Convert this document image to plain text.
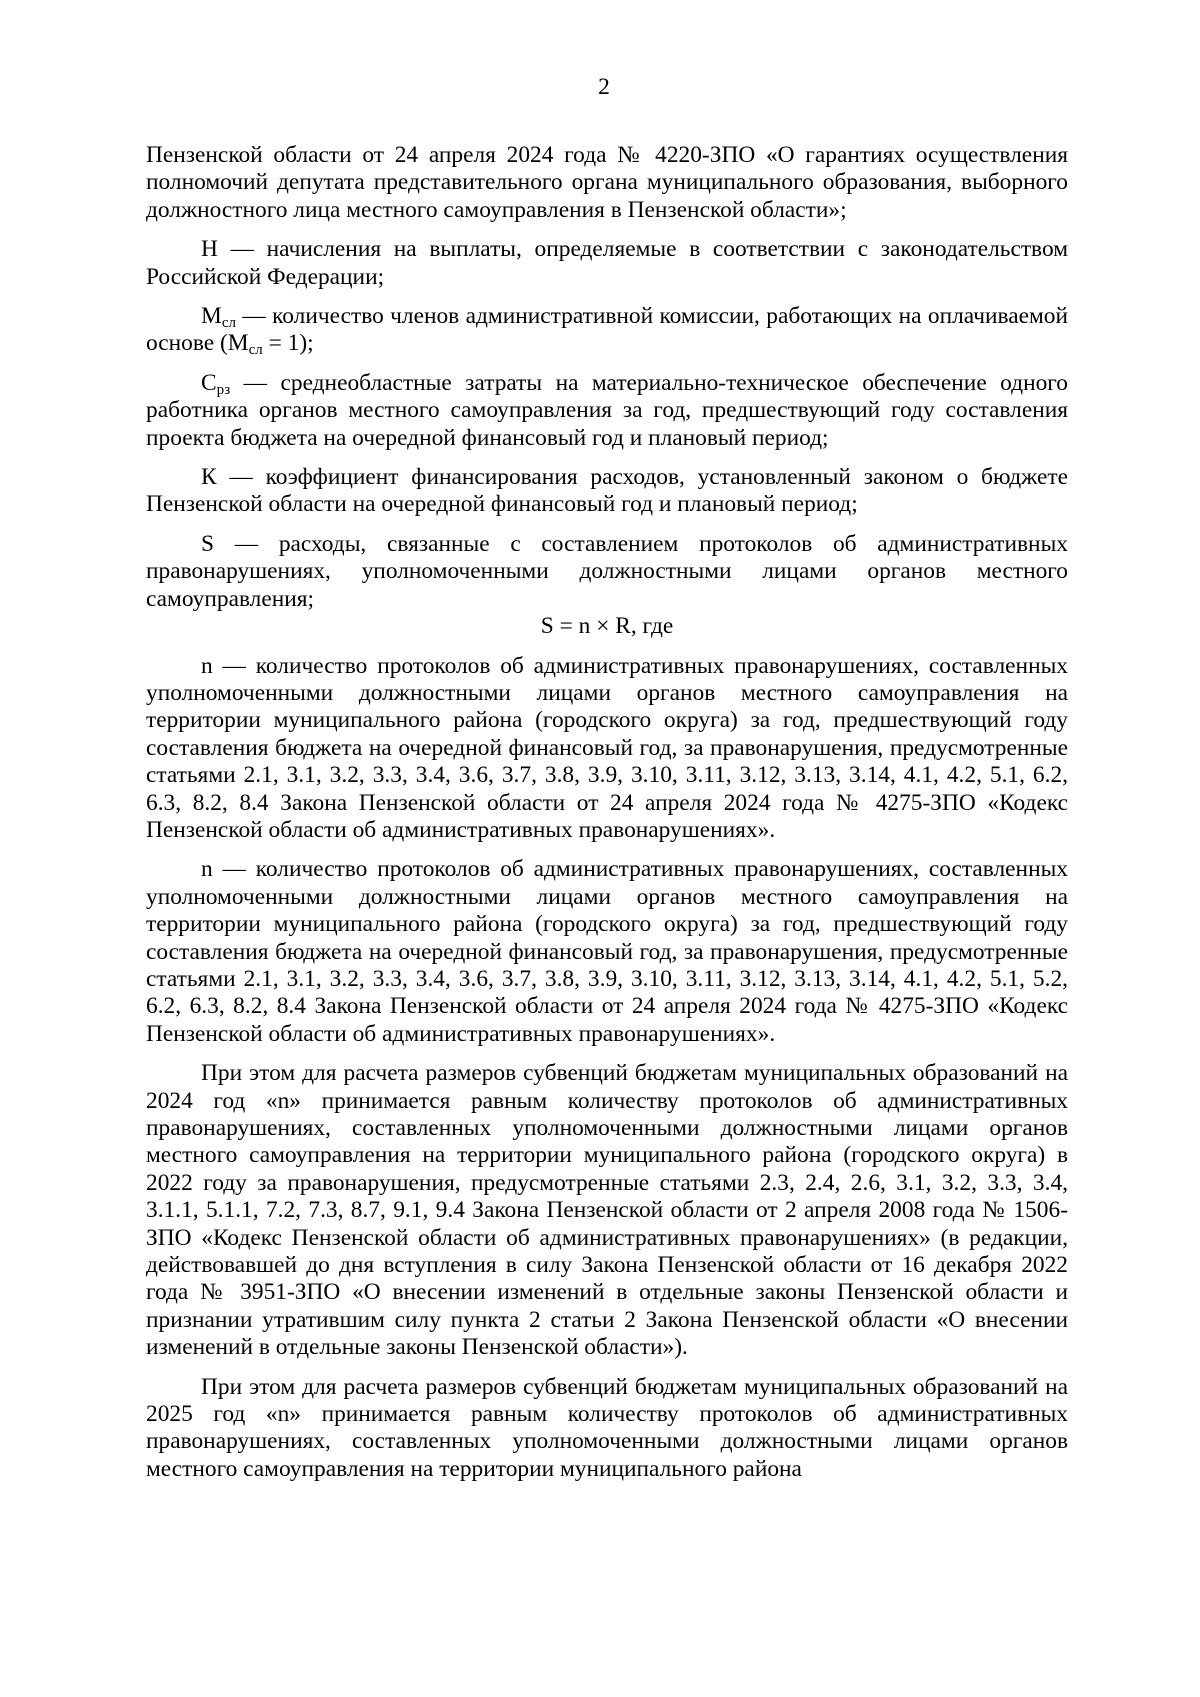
2

Пензенской области от 24 апреля 2024 года № 4220-ЗПО «О гарантиях осуществления полномочий депутата представительного органа муниципального образования, выборного должностного лица местного самоуправления в Пензенской области»;

Н — начисления на выплаты, определяемые в соответствии с законодательством Российской Федерации;

$М_{сл}$ — количество членов административной комиссии, работающих на оплачиваемой основе $(М_{сл} = 1)$;

$С_{рз}$ — среднеобластные затраты на материально-техническое обеспечение одного работника органов местного самоуправления за год, предшествующий году составления проекта бюджета на очередной финансовый год и плановый период;

К — коэффициент финансирования расходов, установленный законом о бюджете Пензенской области на очередной финансовый год и плановый период;

S — расходы, связанные с составлением протоколов об административных правонарушениях, уполномоченными должностными лицами органов местного самоуправления;

S = n × R, где

n — количество протоколов об административных правонарушениях, составленных уполномоченными должностными лицами органов местного самоуправления на территории муниципального района (городского округа) за год, предшествующий году составления бюджета на очередной финансовый год, за правонарушения, предусмотренные статьями 2.1, 3.1, 3.2, 3.3, 3.4, 3.6, 3.7, 3.8, 3.9, 3.10, 3.11, 3.12, 3.13, 3.14, 4.1, 4.2, 5.1, 6.2, 6.3, 8.2, 8.4 Закона Пензенской области от 24 апреля 2024 года № 4275-ЗПО «Кодекс Пензенской области об административных правонарушениях».

n — количество протоколов об административных правонарушениях, составленных уполномоченными должностными лицами органов местного самоуправления на территории муниципального района (городского округа) за год, предшествующий году составления бюджета на очередной финансовый год, за правонарушения, предусмотренные статьями 2.1, 3.1, 3.2, 3.3, 3.4, 3.6, 3.7, 3.8, 3.9, 3.10, 3.11, 3.12, 3.13, 3.14, 4.1, 4.2, 5.1, 5.2, 6.2, 6.3, 8.2, 8.4 Закона Пензенской области от 24 апреля 2024 года № 4275-ЗПО «Кодекс Пензенской области об административных правонарушениях».

При этом для расчета размеров субвенций бюджетам муниципальных образований на 2024 год «n» принимается равным количеству протоколов об административных правонарушениях, составленных уполномоченными должностными лицами органов местного самоуправления на территории муниципального района (городского округа) в 2022 году за правонарушения, предусмотренные статьями 2.3, 2.4, 2.6, 3.1, 3.2, 3.3, 3.4, 3.1.1, 5.1.1, 7.2, 7.3, 8.7, 9.1, 9.4 Закона Пензенской области от 2 апреля 2008 года № 1506-ЗПО «Кодекс Пензенской области об административных правонарушениях» (в редакции, действовавшей до дня вступления в силу Закона Пензенской области от 16 декабря 2022 года № 3951-ЗПО «О внесении изменений в отдельные законы Пензенской области и признании утратившим силу пункта 2 статьи 2 Закона Пензенской области «О внесении изменений в отдельные законы Пензенской области»).

При этом для расчета размеров субвенций бюджетам муниципальных образований на 2025 год «n» принимается равным количеству протоколов об административных правонарушениях, составленных уполномоченными должностными лицами органов местного самоуправления на территории муниципального района
